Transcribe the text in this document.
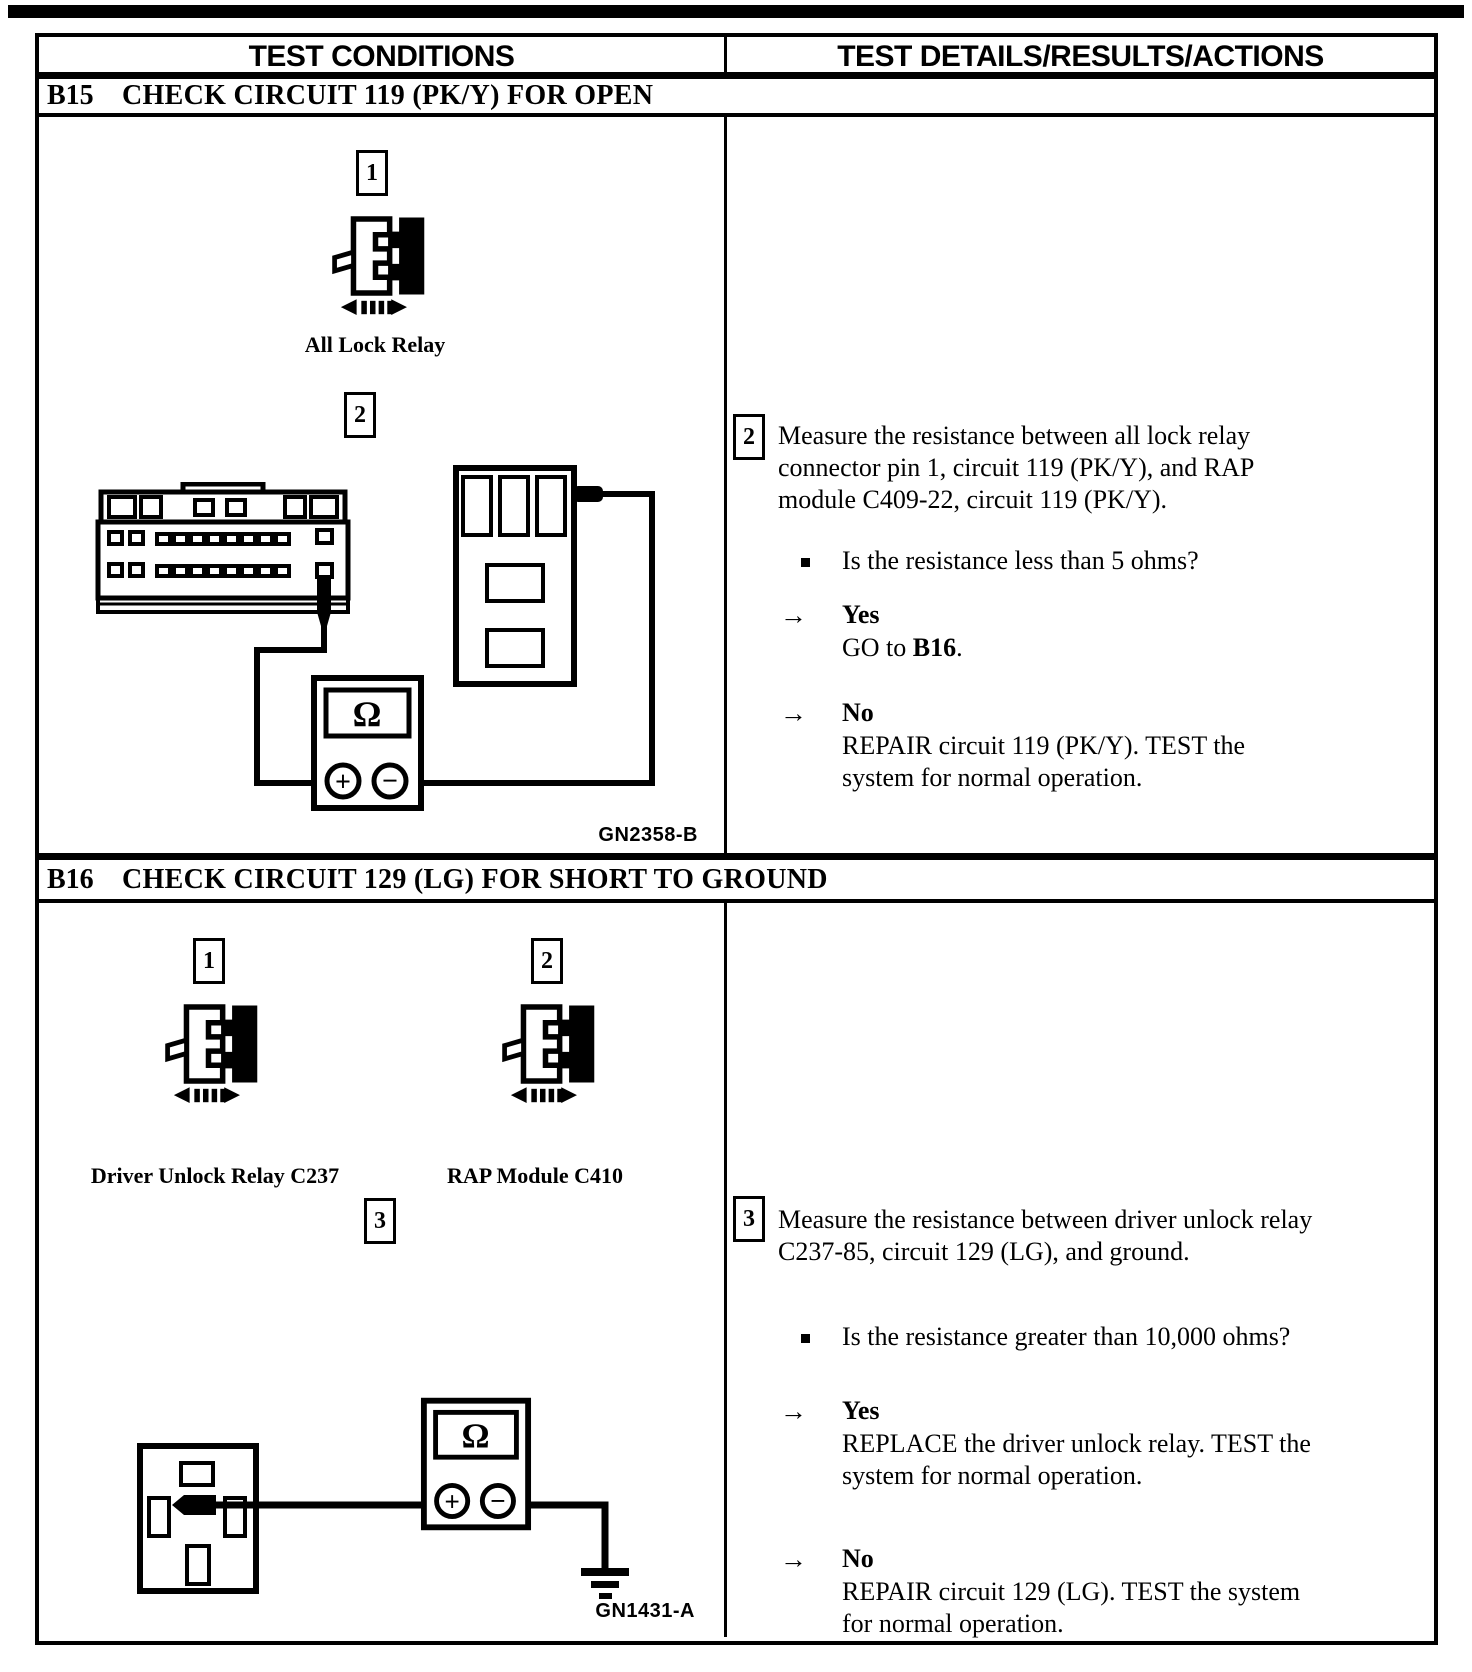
TEST CONDITIONS	TEST DETAILS/RESULTS/ACTIONS
B15 CHECK CIRCUIT 119 (PK/Y) FOR OPEN
1
All Lock Relay
2
Ω
+ −
GN2358-B
2 Measure the resistance between all lock relay
connector pin 1, circuit 119 (PK/Y), and RAP
module C409-22, circuit 119 (PK/Y).
Is the resistance less than 5 ohms?
→ Yes
GO to B16.
→ No
REPAIR circuit 119 (PK/Y). TEST the
system for normal operation.
B16 CHECK CIRCUIT 129 (LG) FOR SHORT TO GROUND
1
Driver Unlock Relay C237
2
RAP Module C410
3
Ω
+ −
GN1431-A
3 Measure the resistance between driver unlock relay
C237-85, circuit 129 (LG), and ground.
Is the resistance greater than 10,000 ohms?
→ Yes
REPLACE the driver unlock relay. TEST the
system for normal operation.
→ No
REPAIR circuit 129 (LG). TEST the system
for normal operation.
